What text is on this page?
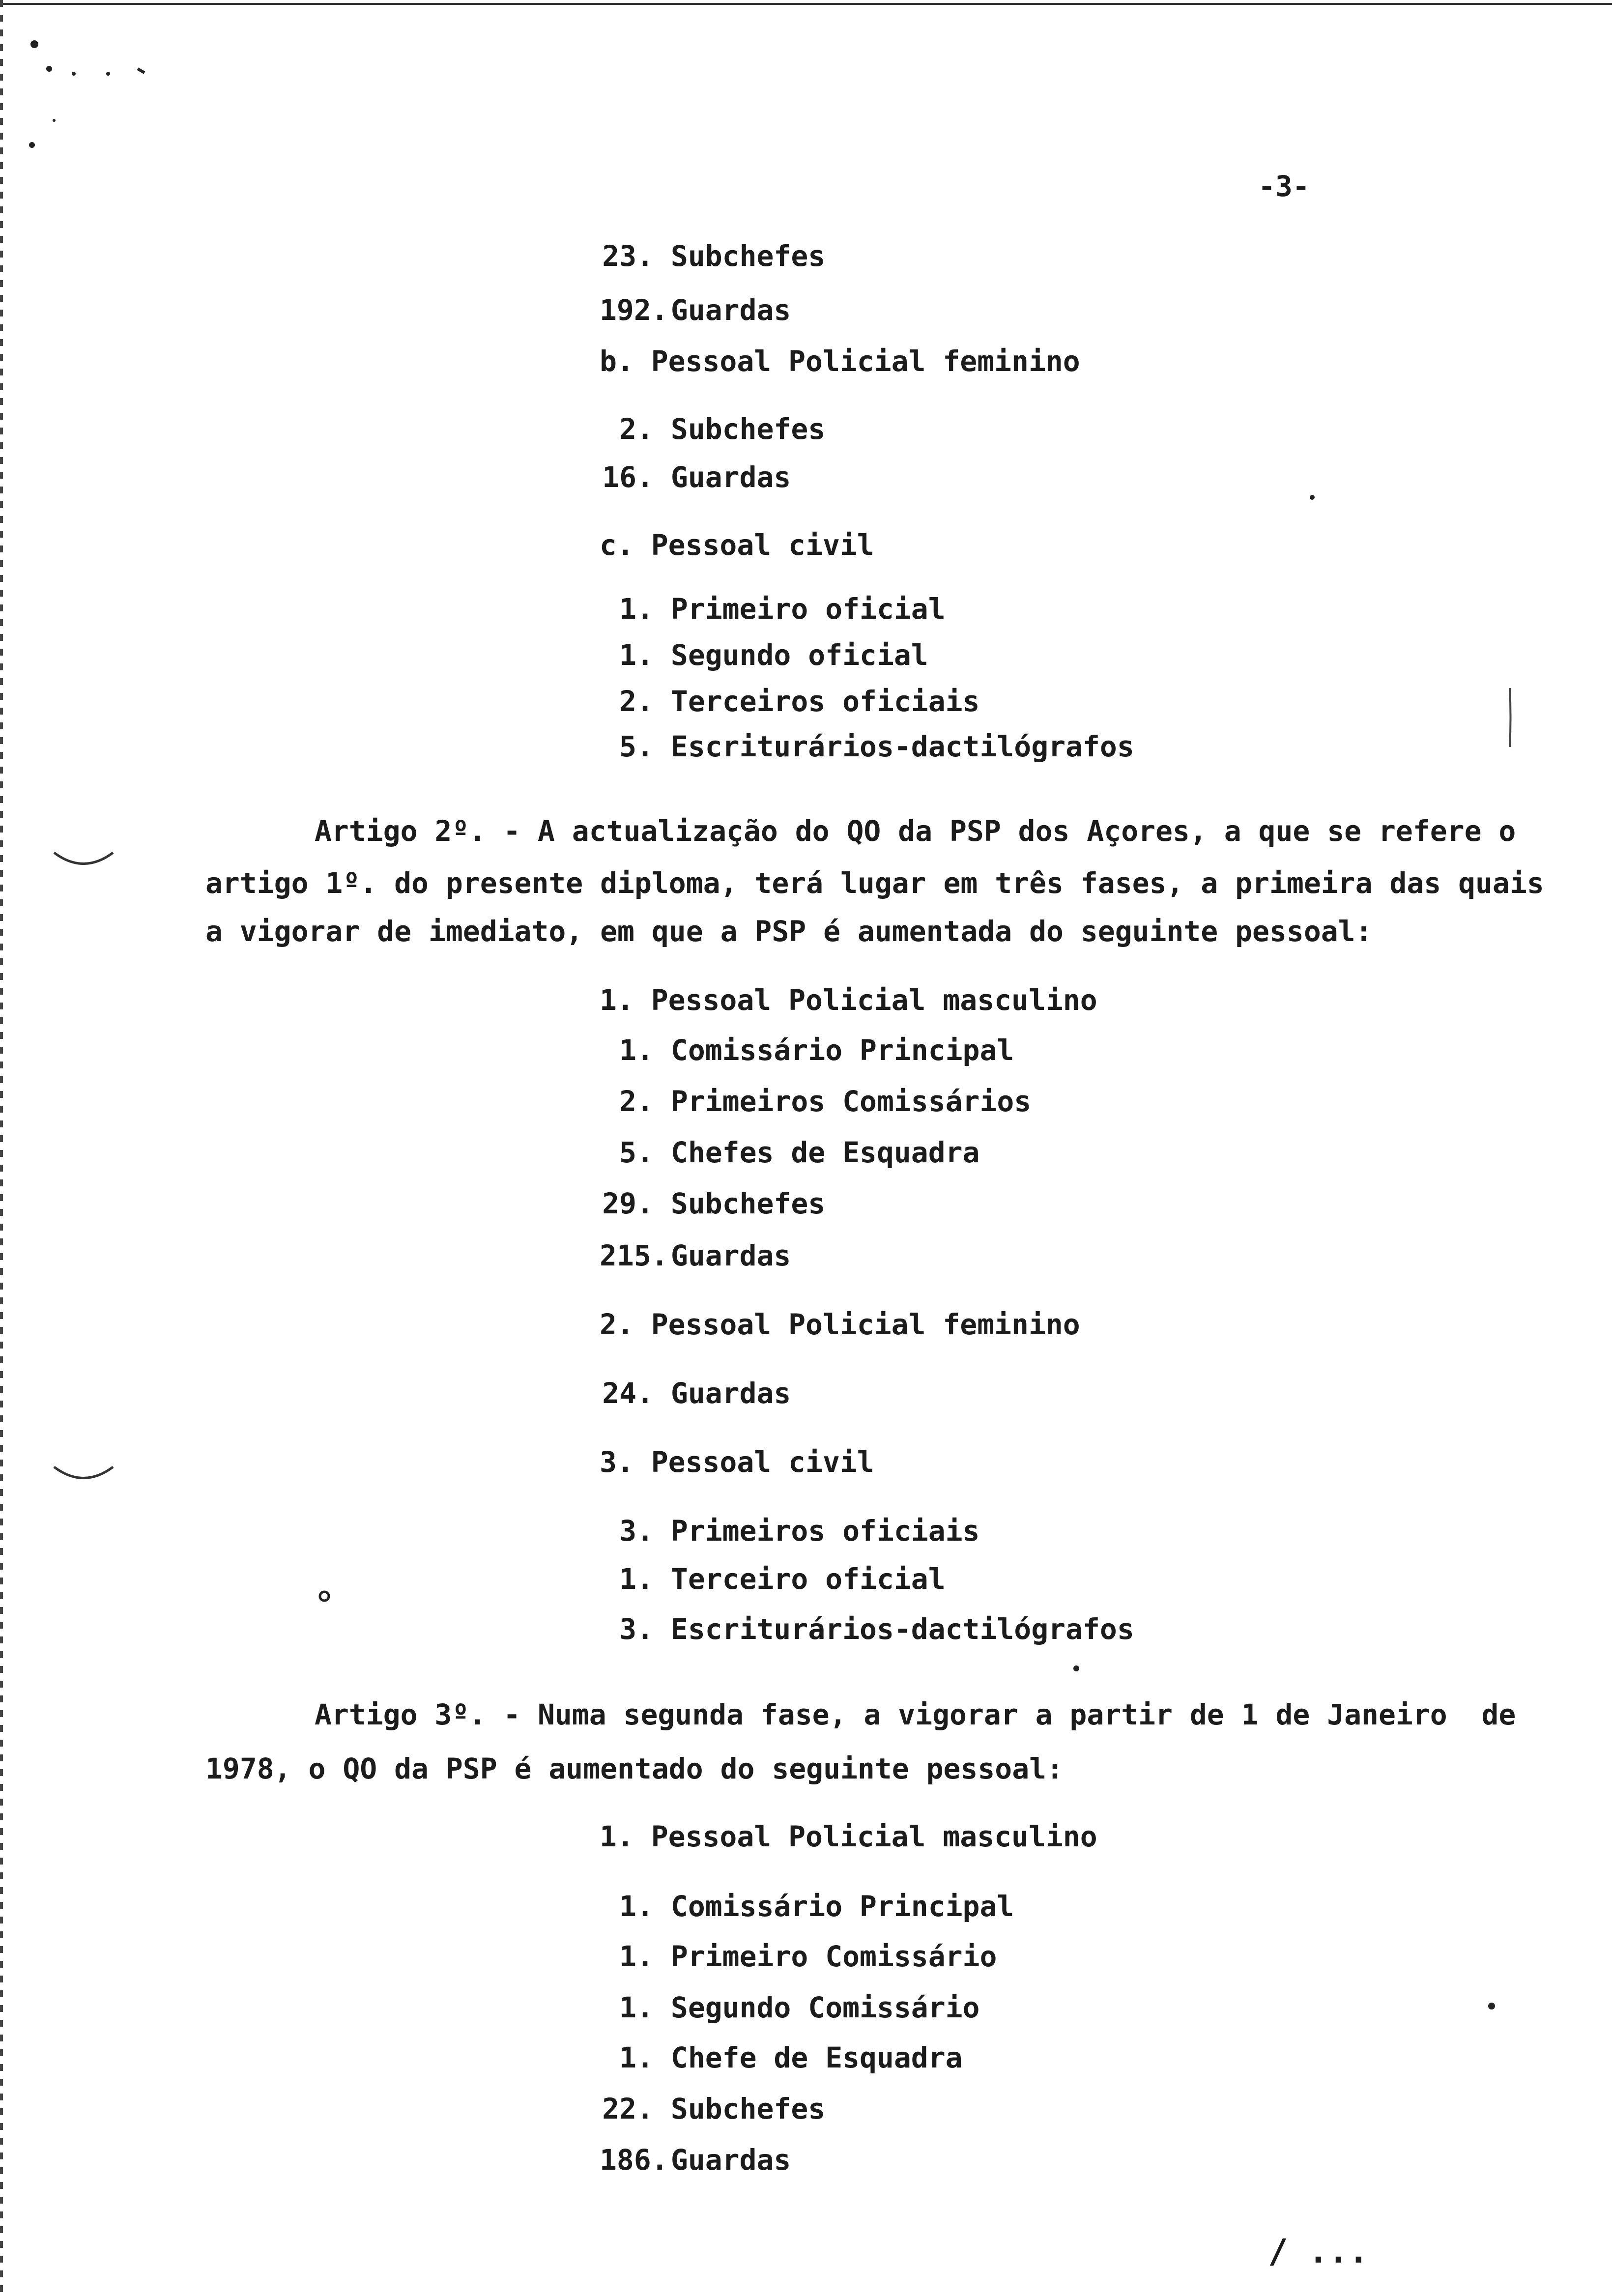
-3-
23. Subchefes
192. Guardas
b. Pessoal Policial feminino
2. Subchefes
16. Guardas
c. Pessoal civil
1. Primeiro oficial
1. Segundo oficial
2. Terceiros oficiais
5. Escriturários-dactilógrafos
Artigo 2º. - A actualização do QO da PSP dos Açores, a que se refere o
artigo 1º. do presente diploma, terá lugar em três fases, a primeira das quais
a vigorar de imediato, em que a PSP é aumentada do seguinte pessoal:
1. Pessoal Policial masculino
1. Comissário Principal
2. Primeiros Comissários
5. Chefes de Esquadra
29. Subchefes
215. Guardas
2. Pessoal Policial feminino
24. Guardas
3. Pessoal civil
3. Primeiros oficiais
1. Terceiro oficial
3. Escriturários-dactilógrafos
Artigo 3º. - Numa segunda fase, a vigorar a partir de 1 de Janeiro  de
1978, o QO da PSP é aumentado do seguinte pessoal:
1. Pessoal Policial masculino
1. Comissário Principal
1. Primeiro Comissário
1. Segundo Comissário
1. Chefe de Esquadra
22. Subchefes
186. Guardas
/ ...
